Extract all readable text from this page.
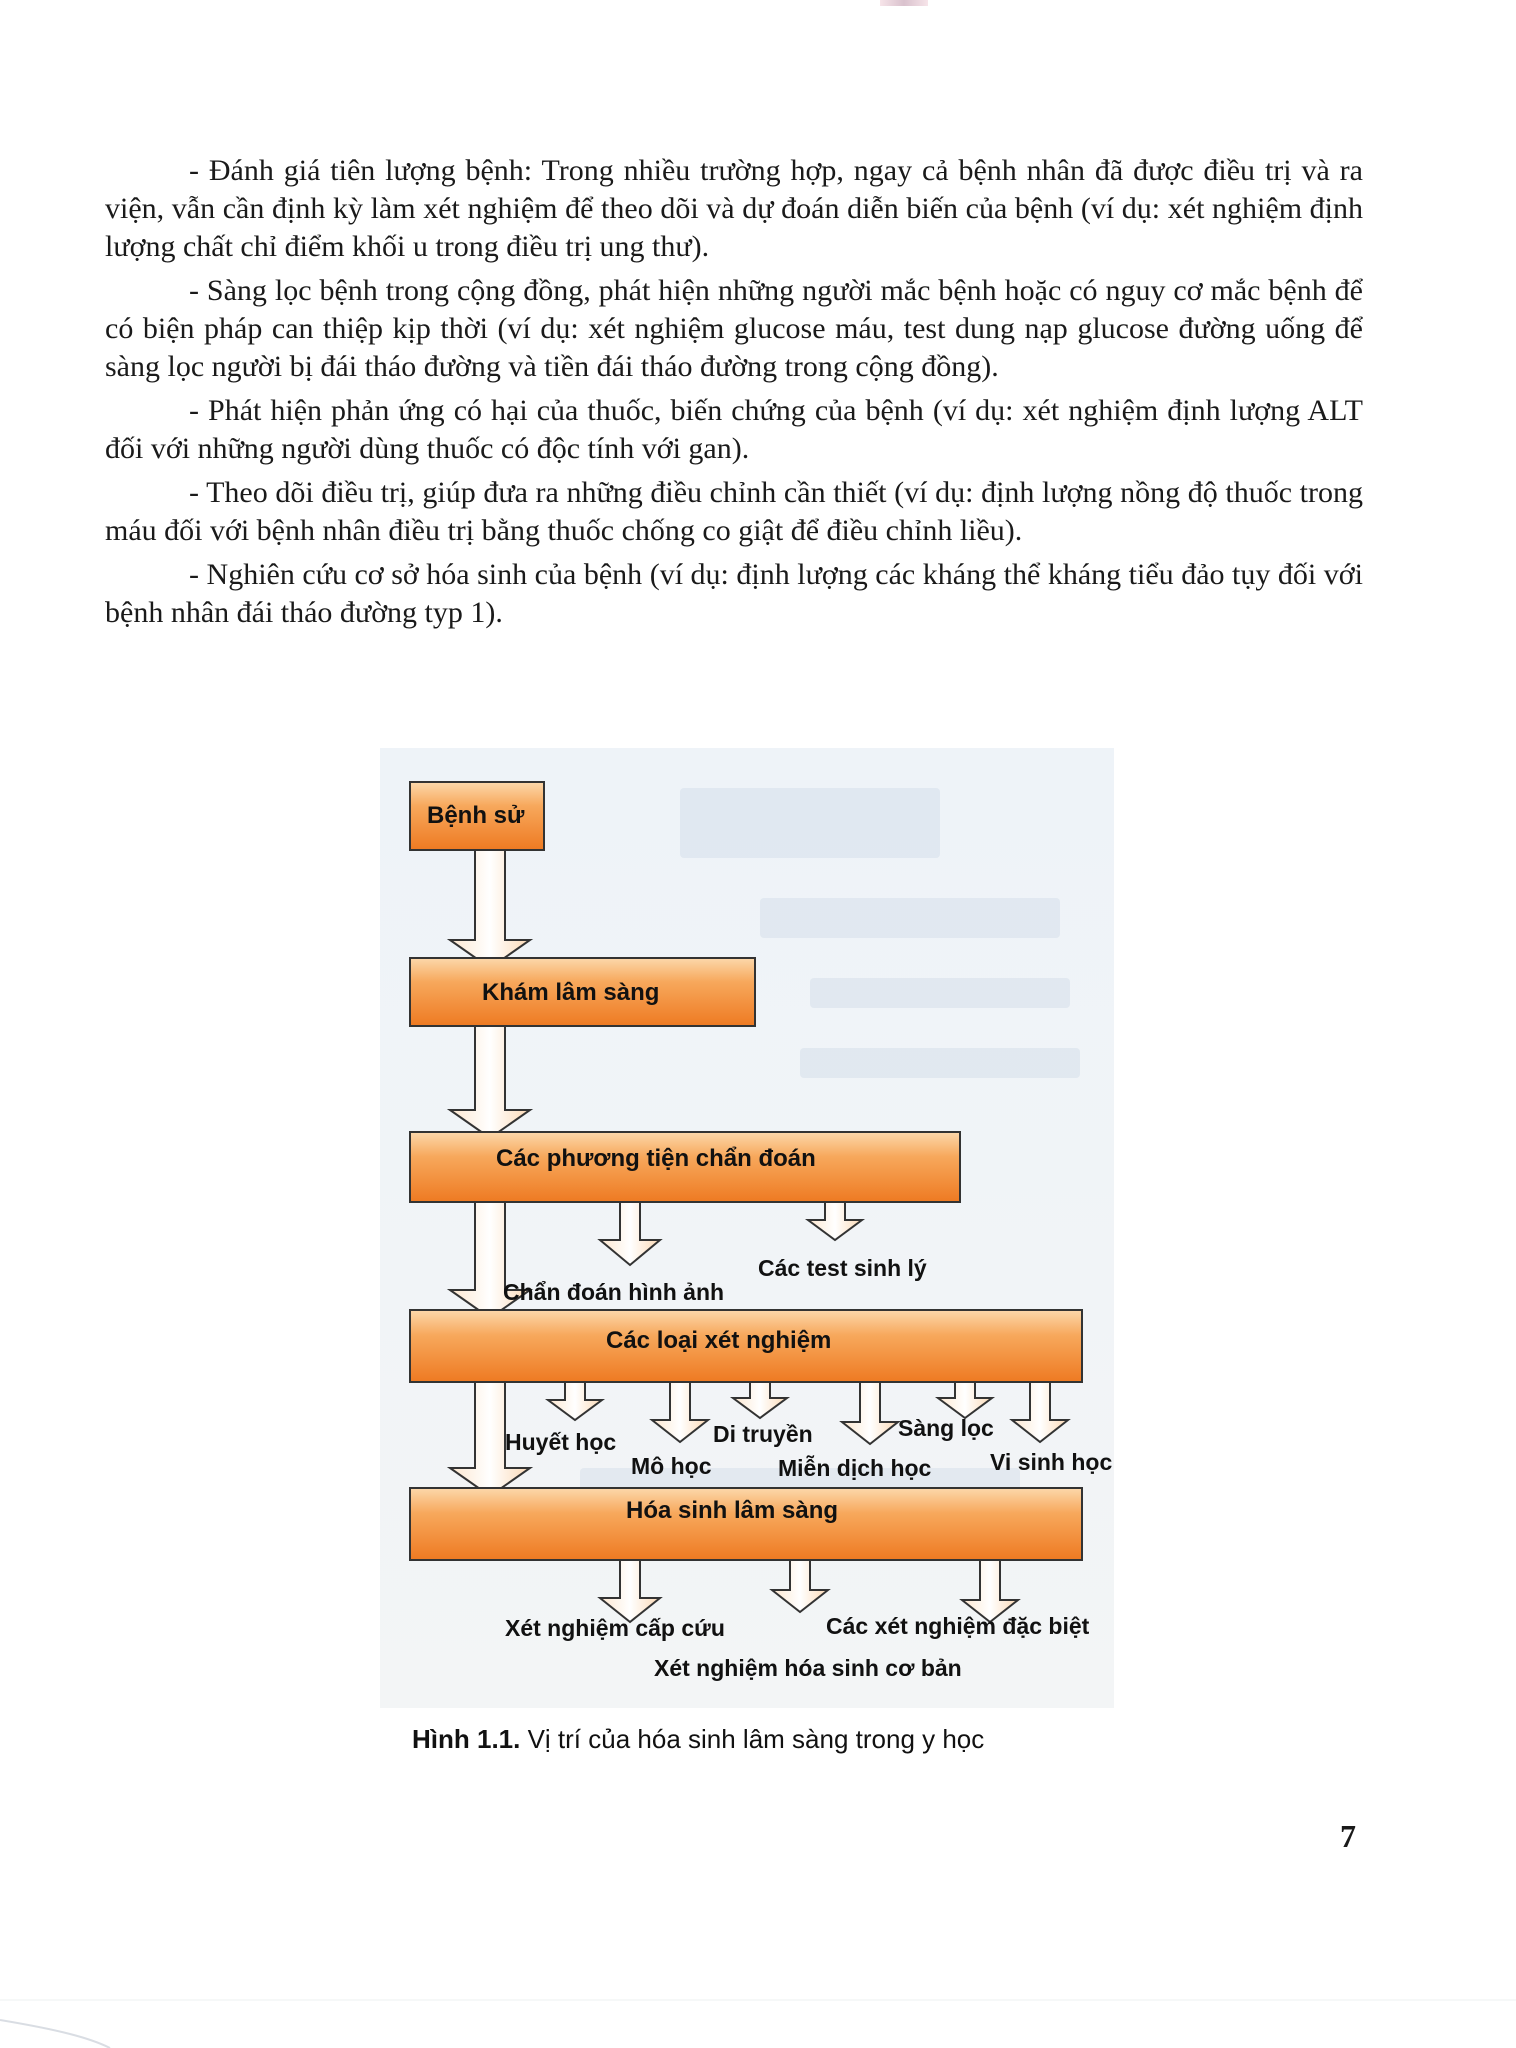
- Đánh giá tiên lượng bệnh: Trong nhiều trường hợp, ngay cả bệnh nhân đã được điều trị và ra viện, vẫn cần định kỳ làm xét nghiệm để theo dõi và dự đoán diễn biến của bệnh (ví dụ: xét nghiệm định lượng chất chỉ điểm khối u trong điều trị ung thư).

- Sàng lọc bệnh trong cộng đồng, phát hiện những người mắc bệnh hoặc có nguy cơ mắc bệnh để có biện pháp can thiệp kịp thời (ví dụ: xét nghiệm glucose máu, test dung nạp glucose đường uống để sàng lọc người bị đái tháo đường và tiền đái tháo đường trong cộng đồng).

- Phát hiện phản ứng có hại của thuốc, biến chứng của bệnh (ví dụ: xét nghiệm định lượng ALT đối với những người dùng thuốc có độc tính với gan).

- Theo dõi điều trị, giúp đưa ra những điều chỉnh cần thiết (ví dụ: định lượng nồng độ thuốc trong máu đối với bệnh nhân điều trị bằng thuốc chống co giật để điều chỉnh liều).

- Nghiên cứu cơ sở hóa sinh của bệnh (ví dụ: định lượng các kháng thể kháng tiểu đảo tụy đối với bệnh nhân đái tháo đường typ 1).

Bệnh sử
Khám lâm sàng
Các phương tiện chẩn đoán
Các loại xét nghiệm
Hóa sinh lâm sàng
Các test sinh lý
Chẩn đoán hình ảnh
Huyết học
Mô học
Di truyền
Miễn dịch học
Sàng lọc
Vi sinh học
Xét nghiệm cấp cứu	Các xét nghiệm đặc biệt
Xét nghiệm hóa sinh cơ bản
Hình 1.1. Vị trí của hóa sinh lâm sàng trong y học
7
